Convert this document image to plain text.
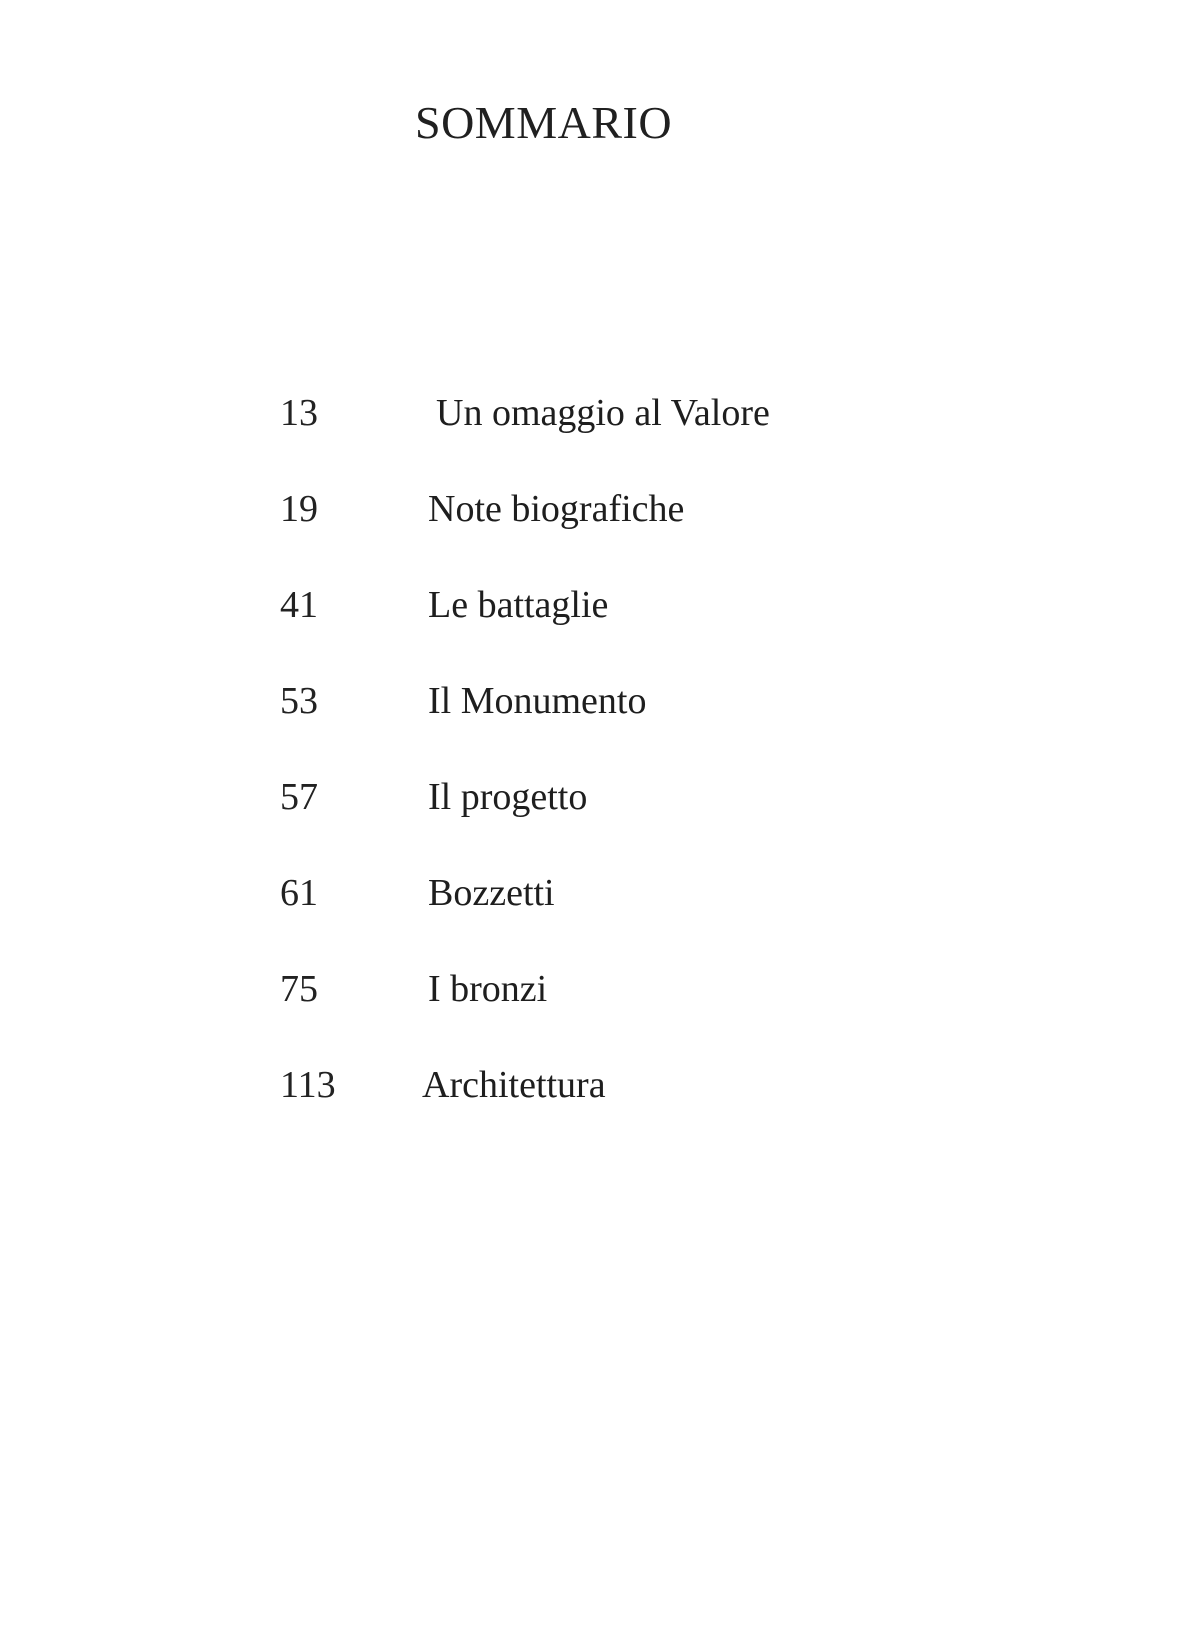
SOMMARIO
13	Un omaggio al Valore
19	Note biografiche
41	Le battaglie
53	Il Monumento
57	Il progetto
61	Bozzetti
75	I bronzi
113	Architettura
